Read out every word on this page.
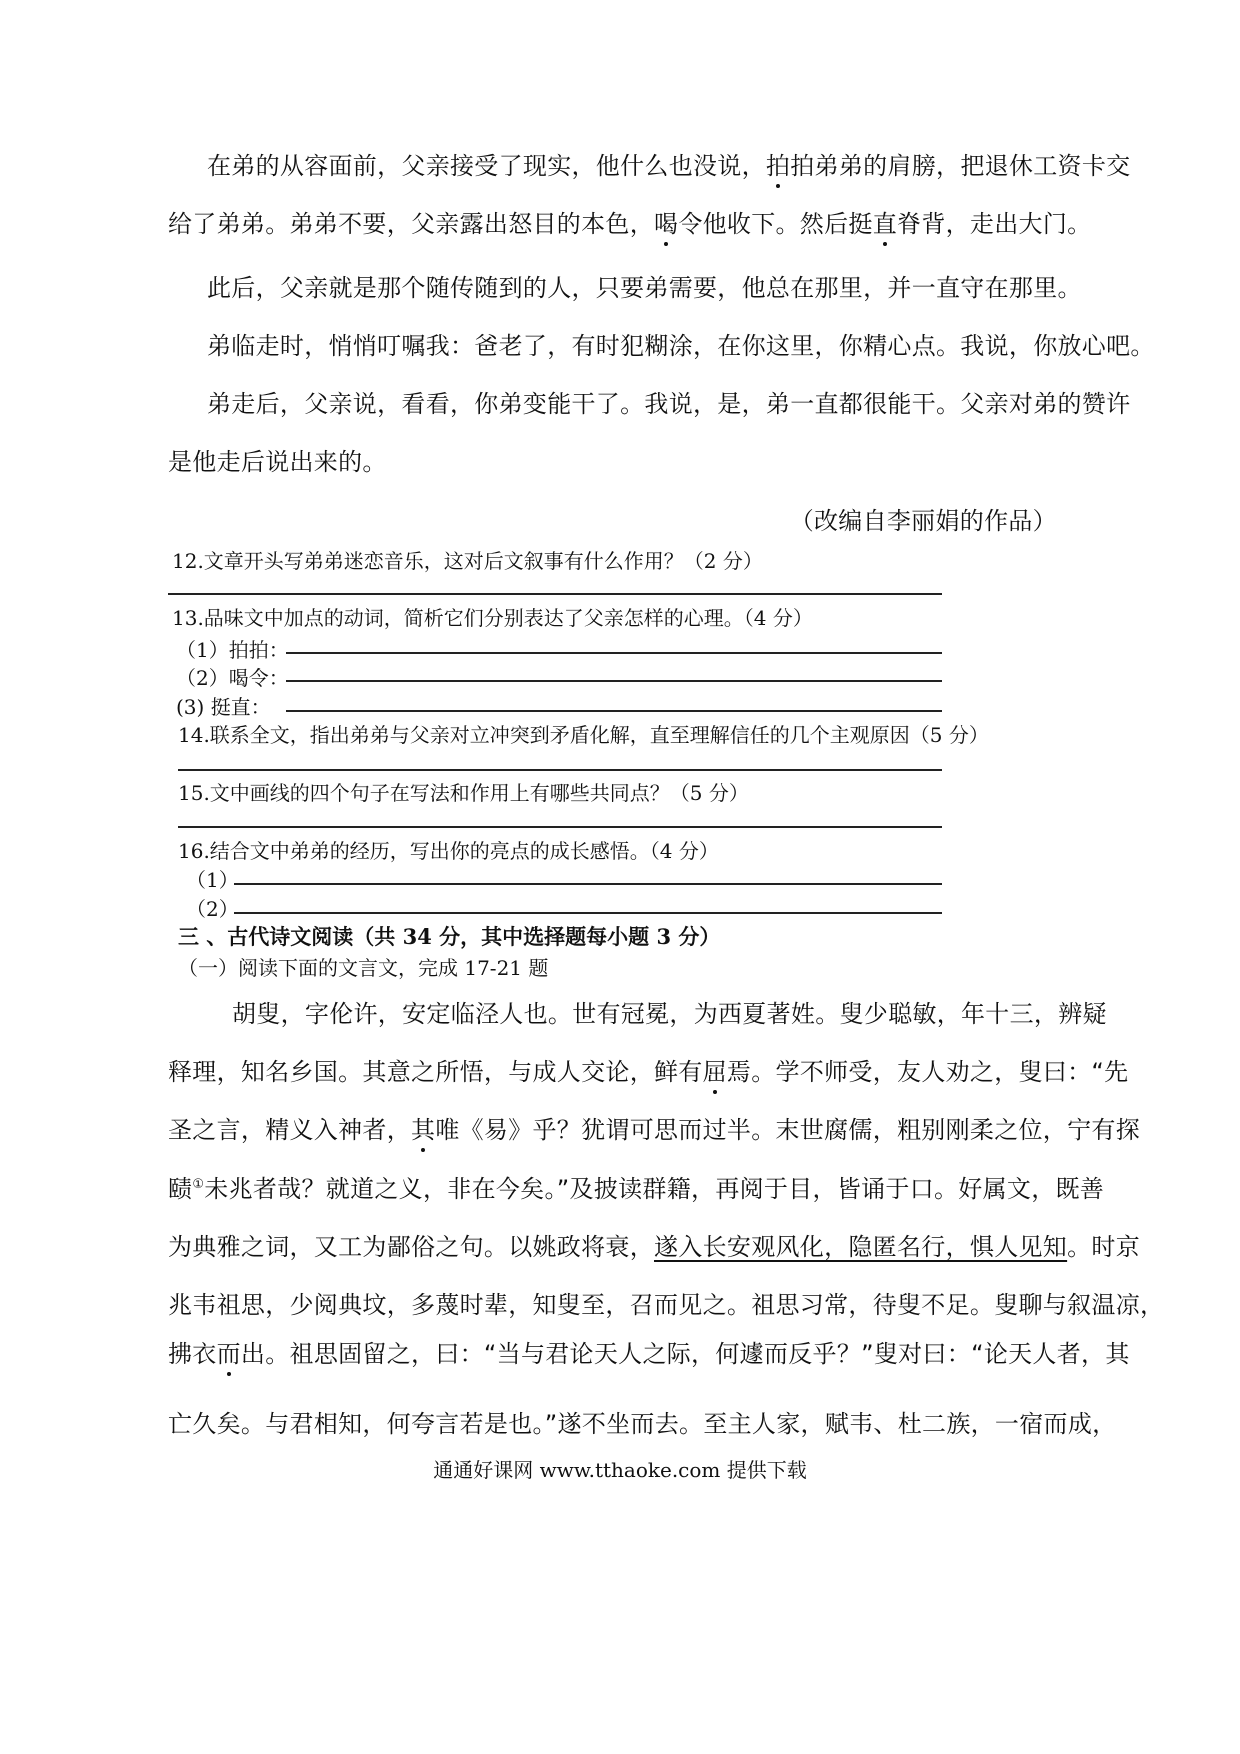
在弟的从容面前，父亲接受了现实，他什么也没说，拍拍弟弟的肩膀，把退休工资卡交
给了弟弟。弟弟不要，父亲露出怒目的本色，喝令他收下。然后挺直脊背，走出大门。
此后，父亲就是那个随传随到的人，只要弟需要，他总在那里，并一直守在那里。
弟临走时，悄悄叮嘱我：爸老了，有时犯糊涂，在你这里，你精心点。我说，你放心吧。
弟走后，父亲说，看看，你弟变能干了。我说，是，弟一直都很能干。父亲对弟的赞许
是他走后说出来的。
（改编自李丽娟的作品）
12.文章开头写弟弟迷恋音乐，这对后文叙事有什么作用？（2 分）
13.品味文中加点的动词，简析它们分别表达了父亲怎样的心理。（4 分）
（1）拍拍：
（2）喝令：
(3) 挺直：
14.联系全文，指出弟弟与父亲对立冲突到矛盾化解，直至理解信任的几个主观原因（5 分）
15.文中画线的四个句子在写法和作用上有哪些共同点？（5 分）
16.结合文中弟弟的经历，写出你的亮点的成长感悟。（4 分）
（1）
（2）
三 、古代诗文阅读（共 34 分，其中选择题每小题 3 分）
（一）阅读下面的文言文，完成 17-21 题
胡叟，字伦许，安定临泾人也。世有冠冕，为西夏著姓。叟少聪敏，年十三，辨疑
释理，知名乡国。其意之所悟，与成人交论，鲜有屈焉。学不师受，友人劝之，叟曰：“先
圣之言，精义入神者，其唯《易》乎？犹谓可思而过半。末世腐儒，粗别刚柔之位，宁有探
赜①未兆者哉？就道之义，非在今矣。”及披读群籍，再阅于目，皆诵于口。好属文，既善
为典雅之词，又工为鄙俗之句。以姚政将衰，遂入长安观风化，隐匿名行，惧人见知。时京
兆韦祖思，少阅典坟，多蔑时辈，知叟至，召而见之。祖思习常，待叟不足。叟聊与叙温凉，
拂衣而出。祖思固留之，曰：“当与君论天人之际，何遽而反乎？”叟对曰：“论天人者，其
亡久矣。与君相知，何夸言若是也。”遂不坐而去。至主人家，赋韦、杜二族，一宿而成，
通通好课网 www.tthaoke.com 提供下载
